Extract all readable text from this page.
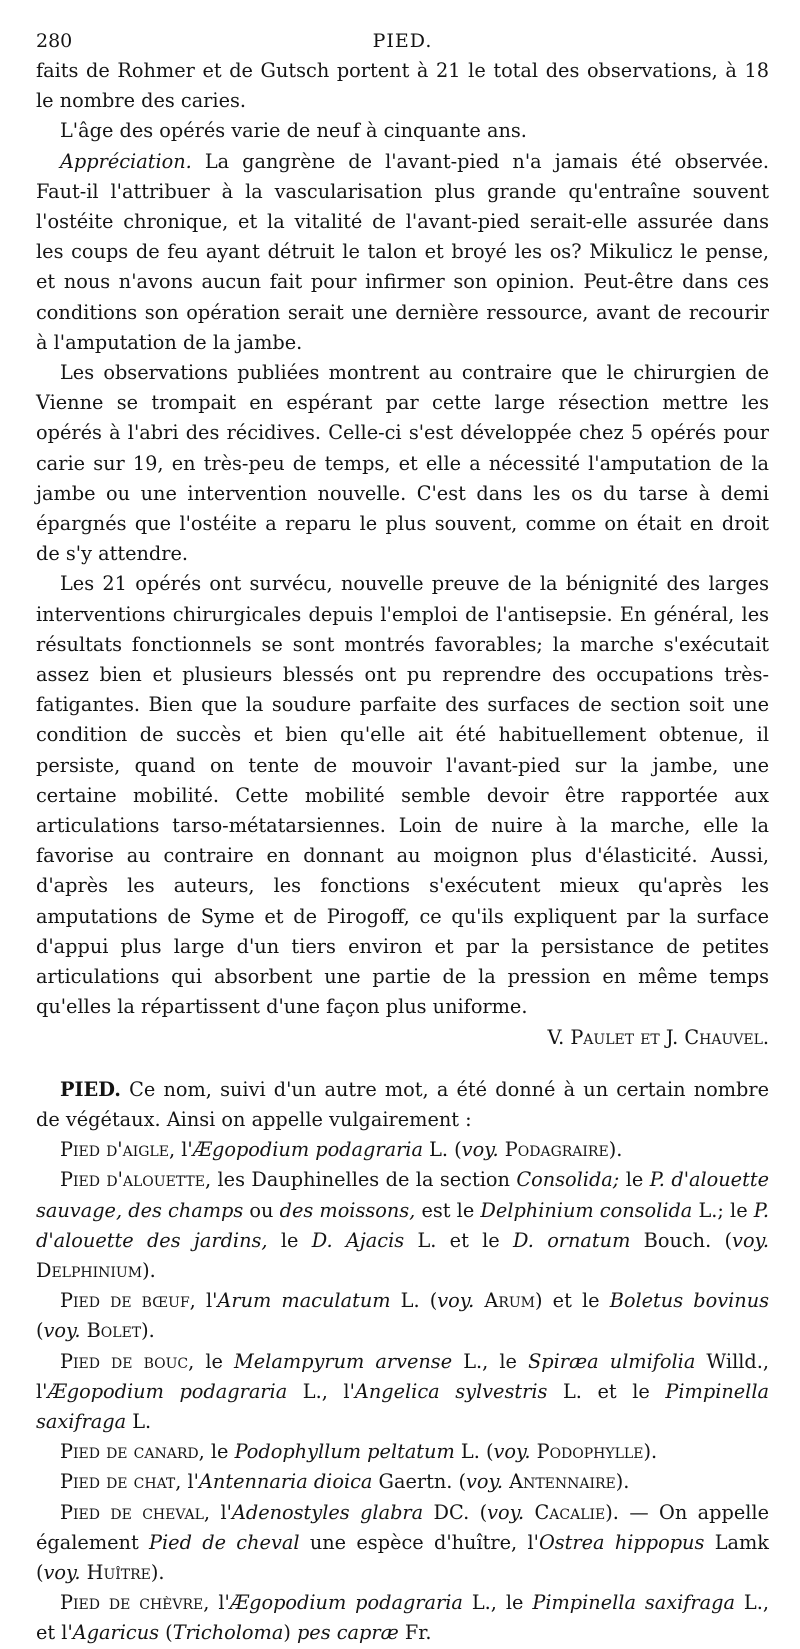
280	PIED.

faits de Rohmer et de Gutsch portent à 21 le total des observations, à 18 le nombre des caries.

L'âge des opérés varie de neuf à cinquante ans.

Appréciation. La gangrène de l'avant-pied n'a jamais été observée. Faut-il l'attribuer à la vascularisation plus grande qu'entraîne souvent l'ostéite chronique, et la vitalité de l'avant-pied serait-elle assurée dans les coups de feu ayant détruit le talon et broyé les os? Mikulicz le pense, et nous n'avons aucun fait pour infirmer son opinion. Peut-être dans ces conditions son opération serait une dernière ressource, avant de recourir à l'amputation de la jambe.

Les observations publiées montrent au contraire que le chirurgien de Vienne se trompait en espérant par cette large résection mettre les opérés à l'abri des récidives. Celle-ci s'est développée chez 5 opérés pour carie sur 19, en très-peu de temps, et elle a nécessité l'amputation de la jambe ou une intervention nouvelle. C'est dans les os du tarse à demi épargnés que l'ostéite a reparu le plus souvent, comme on était en droit de s'y attendre.

Les 21 opérés ont survécu, nouvelle preuve de la bénignité des larges interventions chirurgicales depuis l'emploi de l'antisepsie. En général, les résultats fonctionnels se sont montrés favorables; la marche s'exécutait assez bien et plusieurs blessés ont pu reprendre des occupations très-fatigantes. Bien que la soudure parfaite des surfaces de section soit une condition de succès et bien qu'elle ait été habituellement obtenue, il persiste, quand on tente de mouvoir l'avant-pied sur la jambe, une certaine mobilité. Cette mobilité semble devoir être rapportée aux articulations tarso-métatarsiennes. Loin de nuire à la marche, elle la favorise au contraire en donnant au moignon plus d'élasticité. Aussi, d'après les auteurs, les fonctions s'exécutent mieux qu'après les amputations de Syme et de Pirogoff, ce qu'ils expliquent par la surface d'appui plus large d'un tiers environ et par la persistance de petites articulations qui absorbent une partie de la pression en même temps qu'elles la répartissent d'une façon plus uniforme.
V. Paulet et J. Chauvel.

PIED. Ce nom, suivi d'un autre mot, a été donné à un certain nombre de végétaux. Ainsi on appelle vulgairement :

Pied d'aigle, l'Ægopodium podagraria L. (voy. Podagraire).

Pied d'alouette, les Dauphinelles de la section Consolida; le P. d'alouette sauvage, des champs ou des moissons, est le Delphinium consolida L.; le P. d'alouette des jardins, le D. Ajacis L. et le D. ornatum Bouch. (voy. Delphinium).

Pied de bœuf, l'Arum maculatum L. (voy. Arum) et le Boletus bovinus (voy. Bolet).

Pied de bouc, le Melampyrum arvense L., le Spiræa ulmifolia Willd., l'Ægopodium podagraria L., l'Angelica sylvestris L. et le Pimpinella saxifraga L.

Pied de canard, le Podophyllum peltatum L. (voy. Podophylle).

Pied de chat, l'Antennaria dioica Gaertn. (voy. Antennaire).

Pied de cheval, l'Adenostyles glabra DC. (voy. Cacalie). — On appelle également Pied de cheval une espèce d'huître, l'Ostrea hippopus Lamk (voy. Huître).

Pied de chèvre, l'Ægopodium podagraria L., le Pimpinella saxifraga L., et l'Agaricus (Tricholoma) pes capræ Fr.
